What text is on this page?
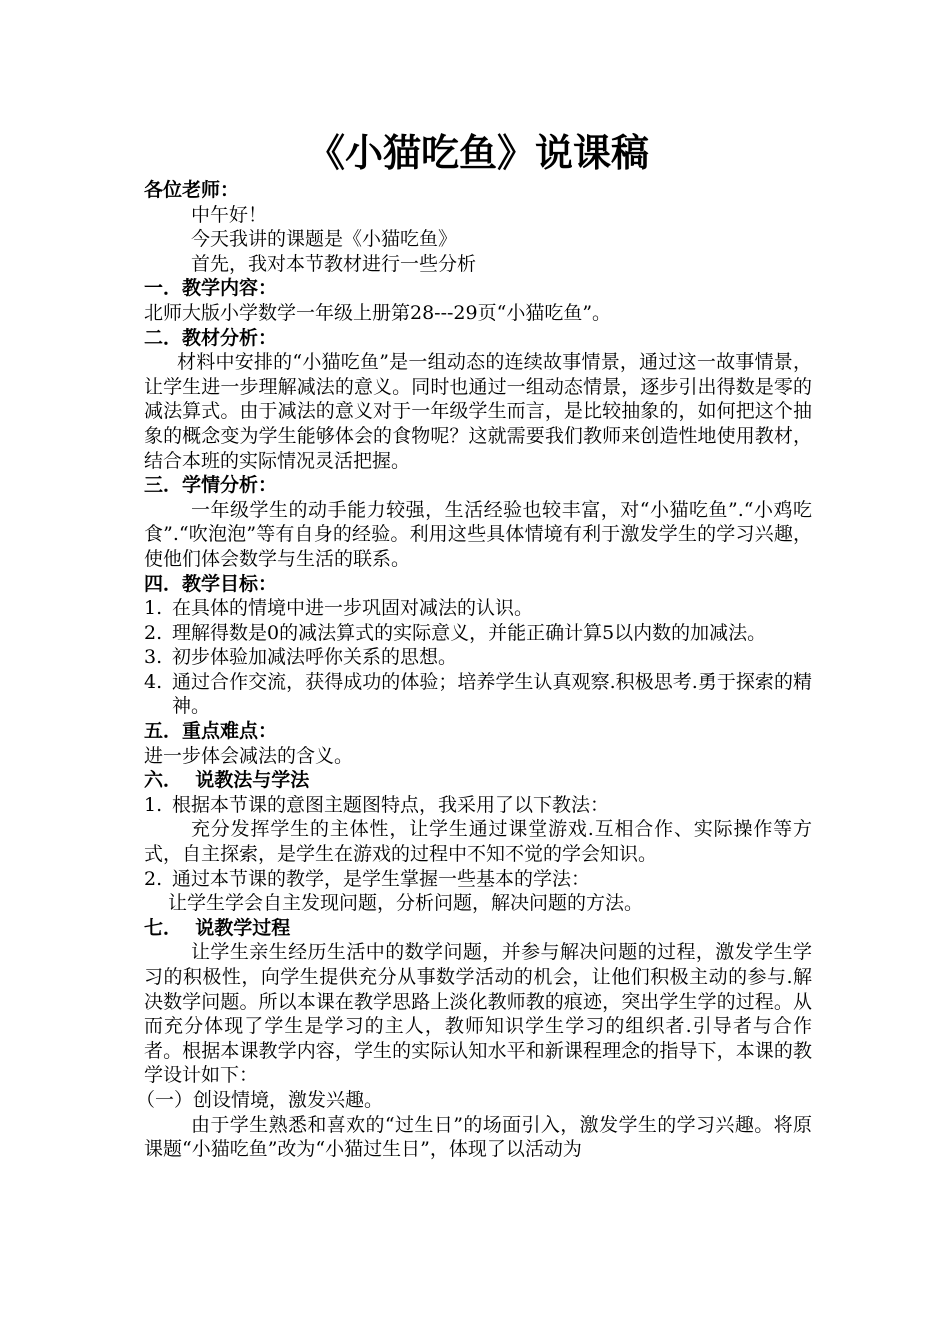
《小猫吃鱼》说课稿

各位老师：

中午好！

今天我讲的课题是《小猫吃鱼》

首先，我对本节教材进行一些分析

一．教学内容：

北师大版小学数学一年级上册第28---29页“小猫吃鱼”。

二．教材分析：

材料中安排的“小猫吃鱼”是一组动态的连续故事情景，通过这一故事情景，让学生进一步理解减法的意义。同时也通过一组动态情景，逐步引出得数是零的减法算式。由于减法的意义对于一年级学生而言，是比较抽象的，如何把这个抽象的概念变为学生能够体会的食物呢？这就需要我们教师来创造性地使用教材，结合本班的实际情况灵活把握。

三．学情分析：

一年级学生的动手能力较强，生活经验也较丰富，对“小猫吃鱼”.“小鸡吃食”.“吹泡泡”等有自身的经验。利用这些具体情境有利于激发学生的学习兴趣，使他们体会数学与生活的联系。

四．教学目标：

1. 在具体的情境中进一步巩固对减法的认识。
2. 理解得数是0的减法算式的实际意义，并能正确计算5以内数的加减法。
3. 初步体验加减法呼你关系的思想。
4. 通过合作交流，获得成功的体验；培养学生认真观察.积极思考.勇于探索的精神。

五．重点难点：

进一步体会减法的含义。

六．  说教法与学法

1. 根据本节课的意图主题图特点，我采用了以下教法：

充分发挥学生的主体性，让学生通过课堂游戏.互相合作、实际操作等方式，自主探索，是学生在游戏的过程中不知不觉的学会知识。

2. 通过本节课的教学，是学生掌握一些基本的学法：

让学生学会自主发现问题，分析问题，解决问题的方法。

七．  说教学过程

让学生亲生经历生活中的数学问题，并参与解决问题的过程，激发学生学习的积极性，向学生提供充分从事数学活动的机会，让他们积极主动的参与.解决数学问题。所以本课在教学思路上淡化教师教的痕迹，突出学生学的过程。从而充分体现了学生是学习的主人，教师知识学生学习的组织者.引导者与合作者。根据本课教学内容，学生的实际认知水平和新课程理念的指导下，本课的教学设计如下：

（一）创设情境，激发兴趣。

由于学生熟悉和喜欢的“过生日”的场面引入，激发学生的学习兴趣。将原课题“小猫吃鱼”改为“小猫过生日”，体现了以活动为
